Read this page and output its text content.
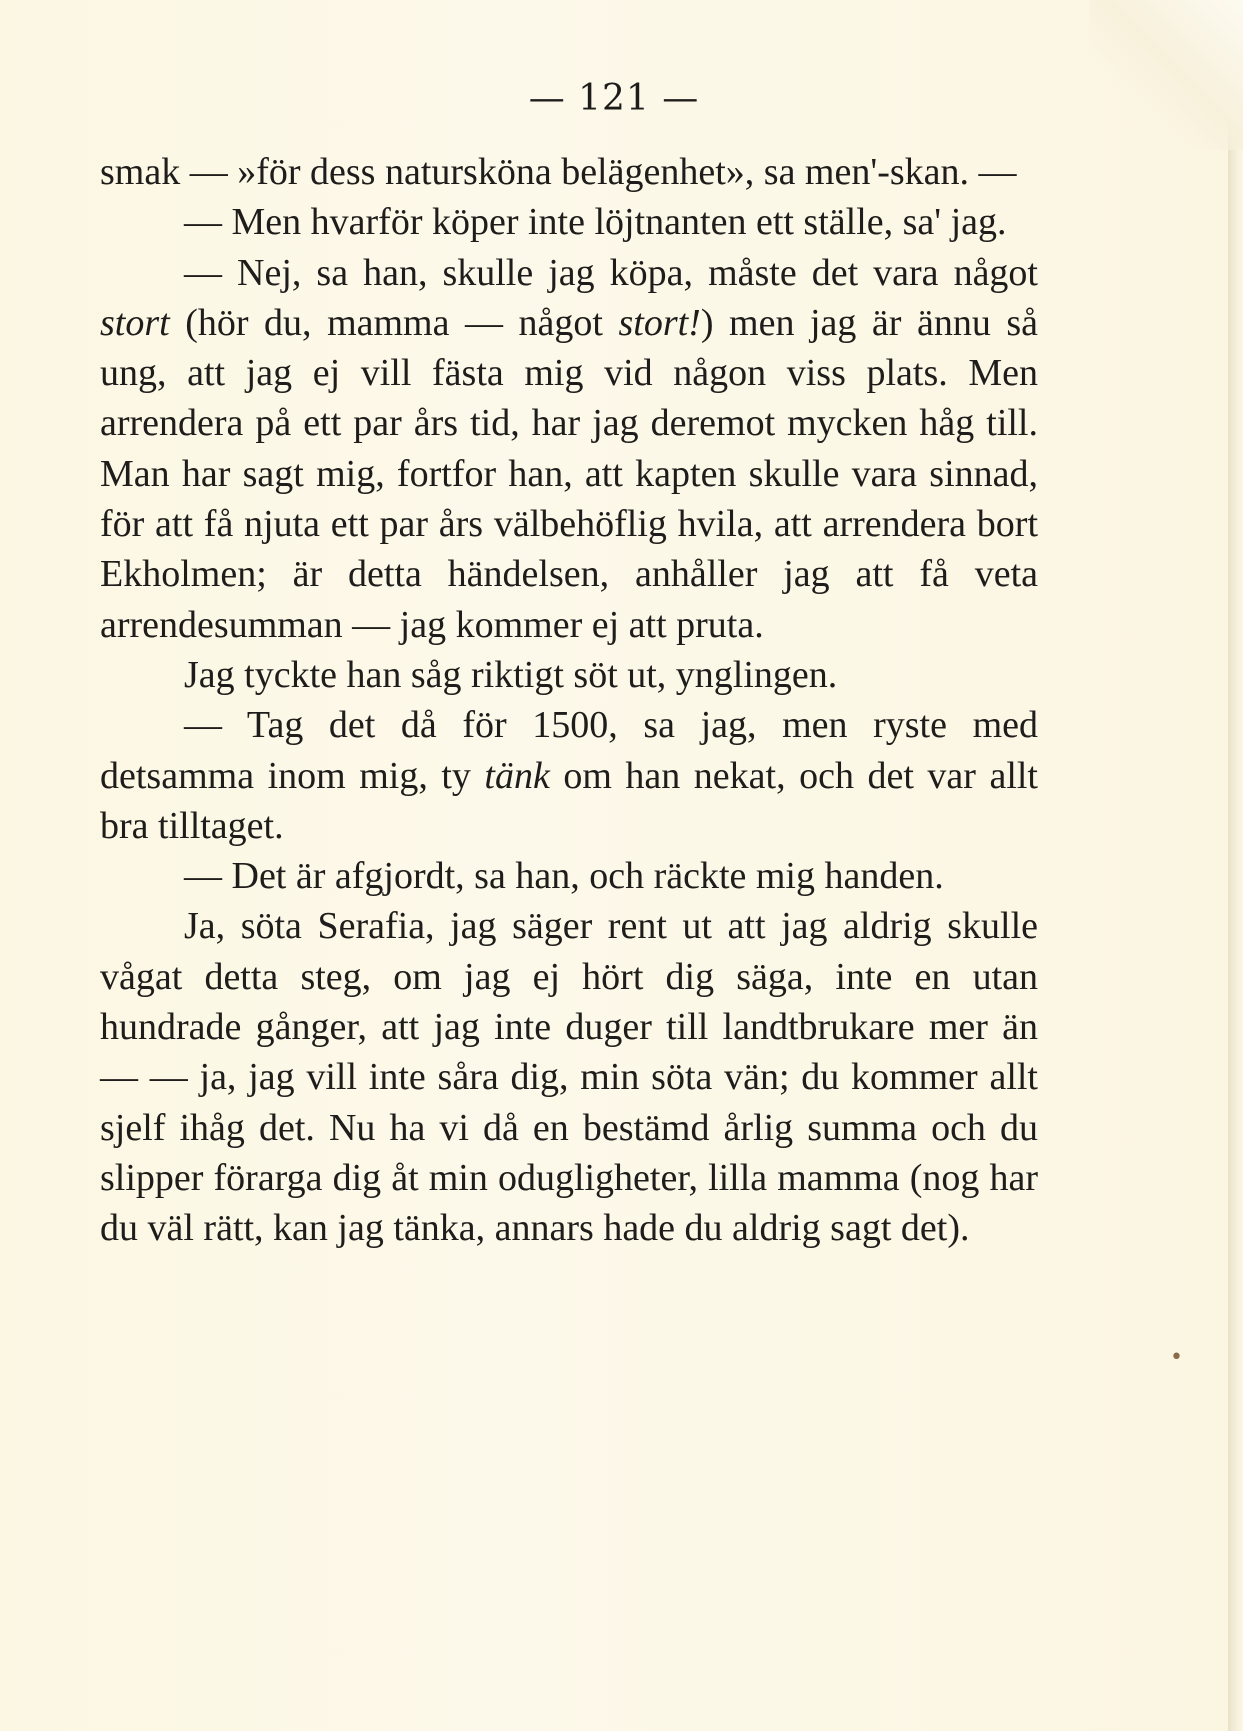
— 121 —

smak — »för dess natursköna belägenhet», sa men'-skan. —

— Men hvarför köper inte löjtnanten ett ställe, sa' jag.

— Nej, sa han, skulle jag köpa, måste det vara något stort (hör du, mamma — något stort!) men jag är ännu så ung, att jag ej vill fästa mig vid någon viss plats. Men arrendera på ett par års tid, har jag deremot mycken håg till. Man har sagt mig, fortfor han, att kapten skulle vara sinnad, för att få njuta ett par års välbehöflig hvila, att arrendera bort Ekholmen; är detta händelsen, anhåller jag att få veta arrendesumman — jag kommer ej att pruta.

Jag tyckte han såg riktigt söt ut, ynglingen.

— Tag det då för 1500, sa jag, men ryste med detsamma inom mig, ty tänk om han nekat, och det var allt bra tilltaget.

— Det är afgjordt, sa han, och räckte mig handen.

Ja, söta Serafia, jag säger rent ut att jag aldrig skulle vågat detta steg, om jag ej hört dig säga, inte en utan hundrade gånger, att jag inte duger till landtbrukare mer än — — ja, jag vill inte såra dig, min söta vän; du kommer allt sjelf ihåg det. Nu ha vi då en bestämd årlig summa och du slipper förarga dig åt min odugligheter, lilla mamma (nog har du väl rätt, kan jag tänka, annars hade du aldrig sagt det).

•
